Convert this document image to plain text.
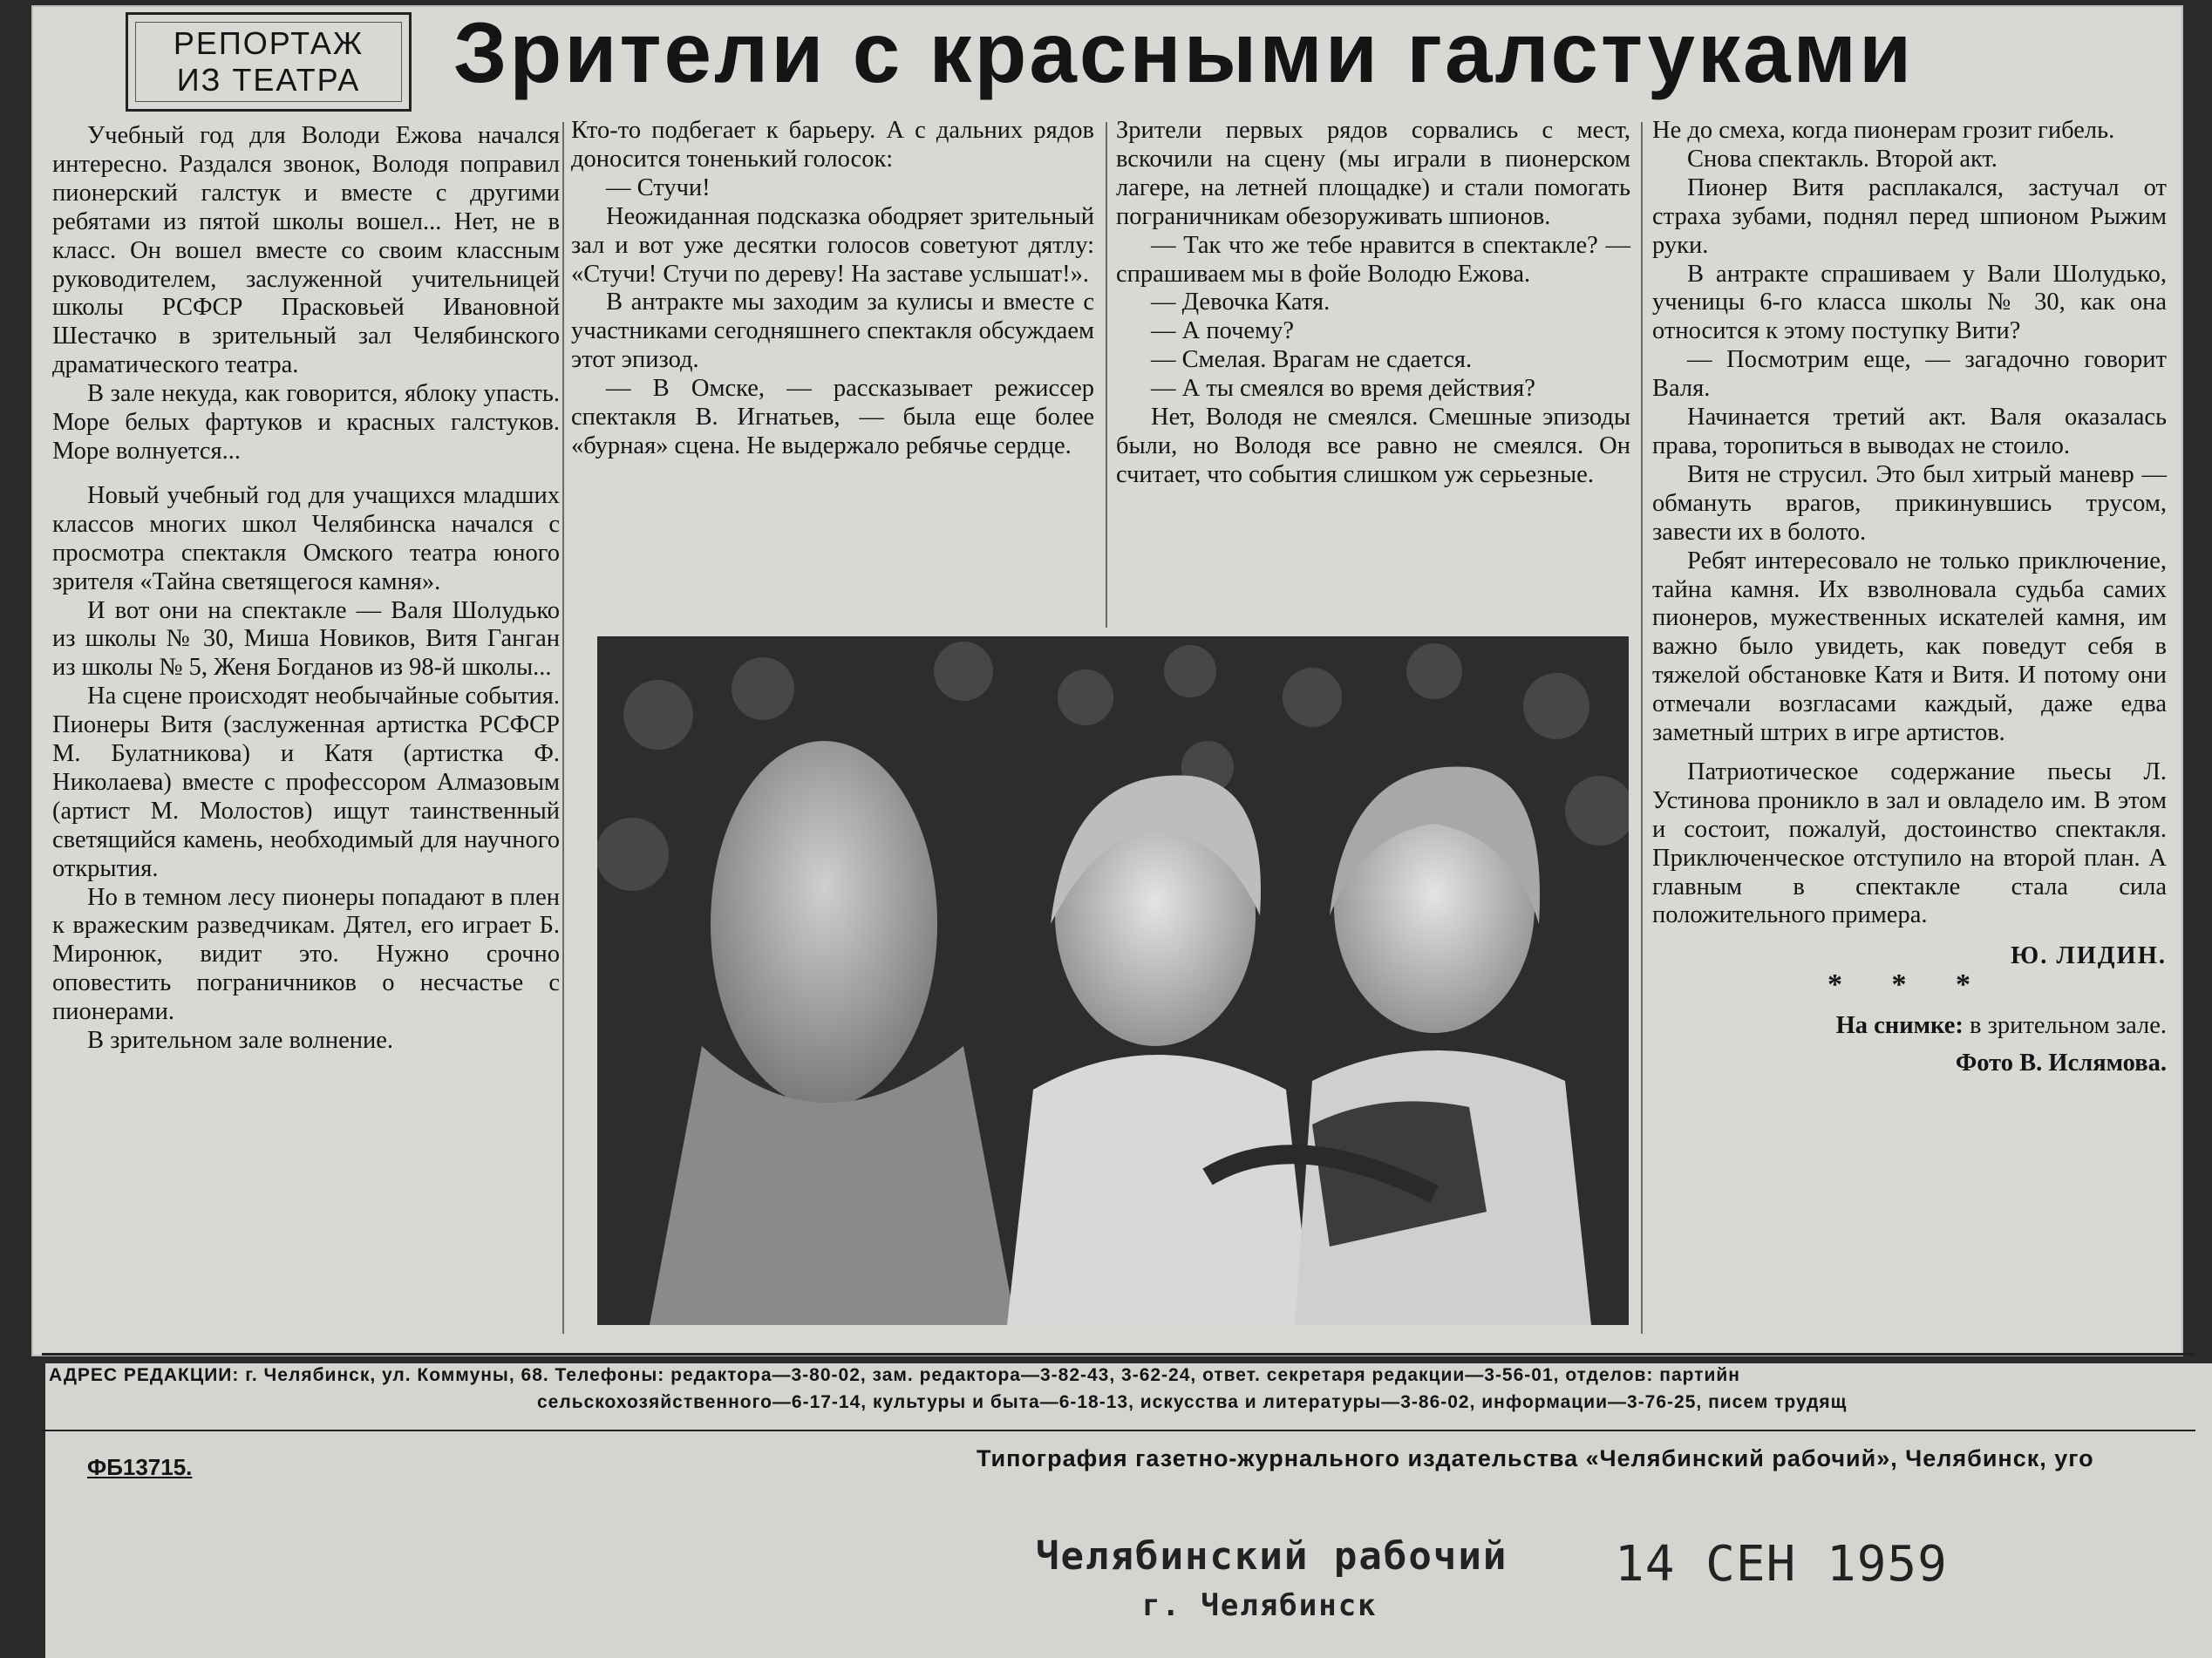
РЕПОРТАЖ
ИЗ ТЕАТРА Зрители с красными галстуками

Учебный год для Володи Ежова начался интересно. Раздался звонок, Володя поправил пионерский галстук и вместе с другими ребятами из пятой школы вошел... Нет, не в класс. Он вошел вместе со своим классным руководителем, заслуженной учительницей школы РСФСР Прасковьей Ивановной Шестачко в зрительный зал Челябинского драматического театра.

В зале некуда, как говорится, яблоку упасть. Море белых фартуков и красных галстуков. Море волнуется...

Новый учебный год для учащихся младших классов многих школ Челябинска начался с просмотра спектакля Омского театра юного зрителя «Тайна светящегося камня».

И вот они на спектакле — Валя Шолудько из школы № 30, Миша Новиков, Витя Ганган из школы № 5, Женя Богданов из 98-й школы...

На сцене происходят необычайные события. Пионеры Витя (заслуженная артистка РСФСР М. Булатникова) и Катя (артистка Ф. Николаева) вместе с профессором Алмазовым (артист М. Молостов) ищут таинственный светящийся камень, необходимый для научного открытия.

Но в темном лесу пионеры попадают в плен к вражеским разведчикам. Дятел, его играет Б. Миронюк, видит это. Нужно срочно оповестить пограничников о несчастье с пионерами.

В зрительном зале волнение.

Кто-то подбегает к барьеру. А с дальних рядов доносится тоненький голосок:

— Стучи!

Неожиданная подсказка ободряет зрительный зал и вот уже десятки голосов советуют дятлу: «Стучи! Стучи по дереву! На заставе услышат!».

В антракте мы заходим за кулисы и вместе с участниками сегодняшнего спектакля обсуждаем этот эпизод.

— В Омске, — рассказывает режиссер спектакля В. Игнатьев, — была еще более «бурная» сцена. Не выдержало ребячье сердце.

Зрители первых рядов сорвались с мест, вскочили на сцену (мы играли в пионерском лагере, на летней площадке) и стали помогать пограничникам обезоруживать шпионов.

— Так что же тебе нравится в спектакле? — спрашиваем мы в фойе Володю Ежова.

— Девочка Катя.

— А почему?

— Смелая. Врагам не сдается.

— А ты смеялся во время действия?

Нет, Володя не смеялся. Смешные эпизоды были, но Володя все равно не смеялся. Он считает, что события слишком уж серьезные.

Не до смеха, когда пионерам грозит гибель.

Снова спектакль. Второй акт.

Пионер Витя расплакался, застучал от страха зубами, поднял перед шпионом Рыжим руки.

В антракте спрашиваем у Вали Шолудько, ученицы 6-го класса школы № 30, как она относится к этому поступку Вити?

— Посмотрим еще, — загадочно говорит Валя.

Начинается третий акт. Валя оказалась права, торопиться в выводах не стоило.

Витя не струсил. Это был хитрый маневр — обмануть врагов, прикинувшись трусом, завести их в болото.

Ребят интересовало не только приключение, тайна камня. Их взволновала судьба самих пионеров, мужественных искателей камня, им важно было увидеть, как поведут себя в тяжелой обстановке Катя и Витя. И потому они отмечали возгласами каждый, даже едва заметный штрих в игре артистов.

Патриотическое содержание пьесы Л. Устинова проникло в зал и овладело им. В этом и состоит, пожалуй, достоинство спектакля. Приключенческое отступило на второй план. А главным в спектакле стала сила положительного примера.

Ю. ЛИДИН.

* * *

На снимке: в зрительном зале.

Фото В. Ислямова.

АДРЕС РЕДАКЦИИ: г. Челябинск, ул. Коммуны, 68. Телефоны: редактора—3-80-02, зам. редактора—3-82-43, 3-62-24, ответ. секретаря редакции—3-56-01, отделов: партийн
сельскохозяйственного—6-17-14, культуры и быта—6-18-13, искусства и литературы—3-86-02, информации—3-76-25, писем трудящ
ФБ13715.	Типография газетно-журнального издательства «Челябинский рабочий», Челябинск, уго
Челябинский рабочий
г. Челябинск
14 СЕН 1959
